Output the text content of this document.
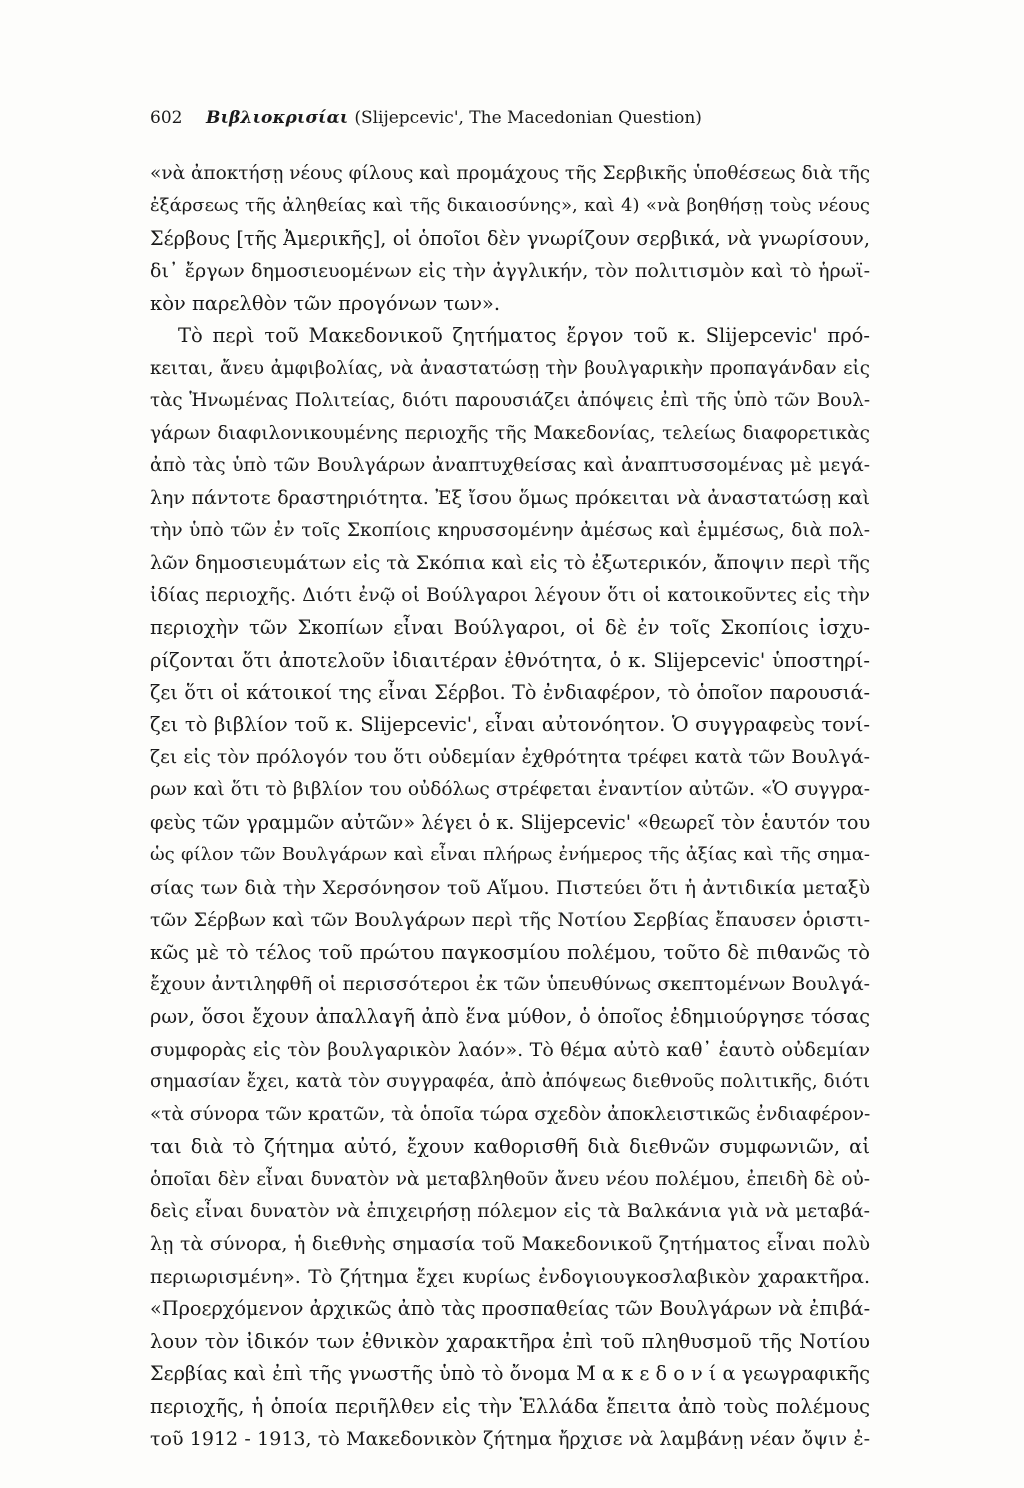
602 Βιβλιοκρισίαι (Slijepcevic', The Macedonian Question)
«νὰ ἀποκτήσῃ νέους φίλους καὶ προμάχους τῆς Σερβικῆς ὑποθέσεως διὰ τῆς
ἐξάρσεως τῆς ἀληθείας καὶ τῆς δικαιοσύνης», καὶ 4) «νὰ βοηθήσῃ τοὺς νέους
Σέρβους [τῆς Ἀμερικῆς], οἱ ὁποῖοι δὲν γνωρίζουν σερβικά, νὰ γνωρίσουν,
δι᾽ ἔργων δημοσιευομένων εἰς τὴν ἀγγλικήν, τὸν πολιτισμὸν καὶ τὸ ἡρωϊ-
κὸν παρελθὸν τῶν προγόνων των».
Τὸ περὶ τοῦ Μακεδονικοῦ ζητήματος ἔργον τοῦ κ. Slijepcevic' πρό-
κειται, ἄνευ ἀμφιβολίας, νὰ ἀναστατώσῃ τὴν βουλγαρικὴν προπαγάνδαν εἰς
τὰς Ἡνωμένας Πολιτείας, διότι παρουσιάζει ἀπόψεις ἐπὶ τῆς ὑπὸ τῶν Βουλ-
γάρων διαφιλονικουμένης περιοχῆς τῆς Μακεδονίας, τελείως διαφορετικὰς
ἀπὸ τὰς ὑπὸ τῶν Βουλγάρων ἀναπτυχθείσας καὶ ἀναπτυσσομένας μὲ μεγά-
λην πάντοτε δραστηριότητα. Ἐξ ἴσου ὅμως πρόκειται νὰ ἀναστατώσῃ καὶ
τὴν ὑπὸ τῶν ἐν τοῖς Σκοπίοις κηρυσσομένην ἀμέσως καὶ ἐμμέσως, διὰ πολ-
λῶν δημοσιευμάτων εἰς τὰ Σκόπια καὶ εἰς τὸ ἐξωτερικόν, ἄποψιν περὶ τῆς
ἰδίας περιοχῆς. Διότι ἐνῷ οἱ Βούλγαροι λέγουν ὅτι οἱ κατοικοῦντες εἰς τὴν
περιοχὴν τῶν Σκοπίων εἶναι Βούλγαροι, οἱ δὲ ἐν τοῖς Σκοπίοις ἰσχυ-
ρίζονται ὅτι ἀποτελοῦν ἰδιαιτέραν ἐθνότητα, ὁ κ. Slijepcevic' ὑποστηρί-
ζει ὅτι οἱ κάτοικοί της εἶναι Σέρβοι. Τὸ ἐνδιαφέρον, τὸ ὁποῖον παρουσιά-
ζει τὸ βιβλίον τοῦ κ. Slijepcevic', εἶναι αὐτονόητον. Ὁ συγγραφεὺς τονί-
ζει εἰς τὸν πρόλογόν του ὅτι οὐδεμίαν ἐχθρότητα τρέφει κατὰ τῶν Βουλγά-
ρων καὶ ὅτι τὸ βιβλίον του οὐδόλως στρέφεται ἐναντίον αὐτῶν. «Ὁ συγγρα-
φεὺς τῶν γραμμῶν αὐτῶν» λέγει ὁ κ. Slijepcevic' «θεωρεῖ τὸν ἑαυτόν του
ὡς φίλον τῶν Βουλγάρων καὶ εἶναι πλήρως ἐνήμερος τῆς ἀξίας καὶ τῆς σημα-
σίας των διὰ τὴν Χερσόνησον τοῦ Αἵμου. Πιστεύει ὅτι ἡ ἀντιδικία μεταξὺ
τῶν Σέρβων καὶ τῶν Βουλγάρων περὶ τῆς Νοτίου Σερβίας ἔπαυσεν ὁριστι-
κῶς μὲ τὸ τέλος τοῦ πρώτου παγκοσμίου πολέμου, τοῦτο δὲ πιθανῶς τὸ
ἔχουν ἀντιληφθῆ οἱ περισσότεροι ἐκ τῶν ὑπευθύνως σκεπτομένων Βουλγά-
ρων, ὅσοι ἔχουν ἀπαλλαγῆ ἀπὸ ἕνα μύθον, ὁ ὁποῖος ἐδημιούργησε τόσας
συμφορὰς εἰς τὸν βουλγαρικὸν λαόν». Τὸ θέμα αὐτὸ καθ᾽ ἑαυτὸ οὐδεμίαν
σημασίαν ἔχει, κατὰ τὸν συγγραφέα, ἀπὸ ἀπόψεως διεθνοῦς πολιτικῆς, διότι
«τὰ σύνορα τῶν κρατῶν, τὰ ὁποῖα τώρα σχεδὸν ἀποκλειστικῶς ἐνδιαφέρον-
ται διὰ τὸ ζήτημα αὐτό, ἔχουν καθορισθῆ διὰ διεθνῶν συμφωνιῶν, αἱ
ὁποῖαι δὲν εἶναι δυνατὸν νὰ μεταβληθοῦν ἄνευ νέου πολέμου, ἐπειδὴ δὲ οὐ-
δεὶς εἶναι δυνατὸν νὰ ἐπιχειρήσῃ πόλεμον εἰς τὰ Βαλκάνια γιὰ νὰ μεταβά-
λῃ τὰ σύνορα, ἡ διεθνὴς σημασία τοῦ Μακεδονικοῦ ζητήματος εἶναι πολὺ
περιωρισμένη». Τὸ ζήτημα ἔχει κυρίως ἐνδογιουγκοσλαβικὸν χαρακτῆρα.
«Προερχόμενον ἀρχικῶς ἀπὸ τὰς προσπαθείας τῶν Βουλγάρων νὰ ἐπιβά-
λουν τὸν ἰδικόν των ἐθνικὸν χαρακτῆρα ἐπὶ τοῦ πληθυσμοῦ τῆς Νοτίου
Σερβίας καὶ ἐπὶ τῆς γνωστῆς ὑπὸ τὸ ὄνομα Μ α κ ε δ ο ν ί α γεωγραφικῆς
περιοχῆς, ἡ ὁποία περιῆλθεν εἰς τὴν Ἑλλάδα ἔπειτα ἀπὸ τοὺς πολέμους
τοῦ 1912 - 1913, τὸ Μακεδονικὸν ζήτημα ἤρχισε νὰ λαμβάνῃ νέαν ὄψιν ἐ-
